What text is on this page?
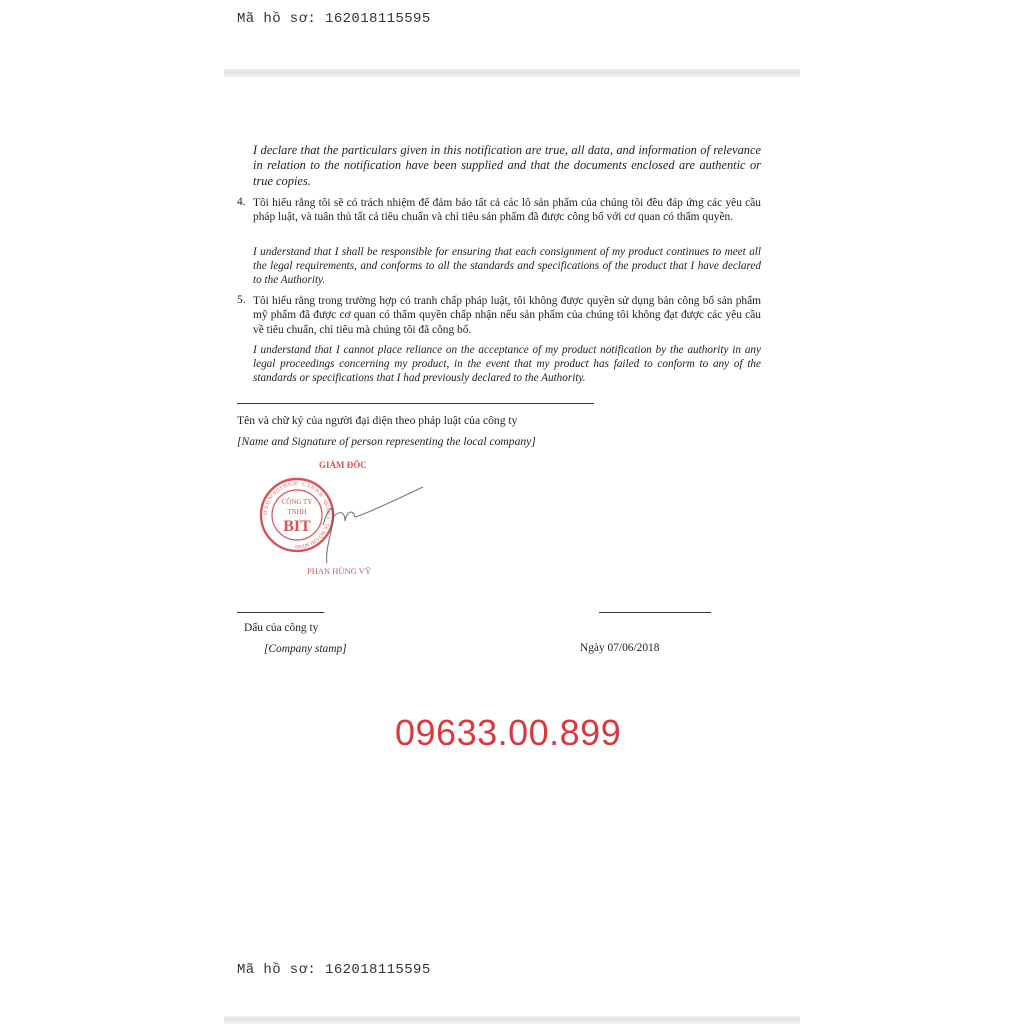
Mã hồ sơ: 162018115595
I declare that the particulars given in this notification are true, all data, and information of relevance in relation to the notification have been supplied and that the documents enclosed are authentic or true copies.
4. Tôi hiểu rằng tôi sẽ có trách nhiệm để đảm bảo tất cả các lô sản phẩm của chúng tôi đều đáp ứng các yêu cầu pháp luật, và tuân thủ tất cả tiêu chuẩn và chỉ tiêu sản phẩm đã được công bố với cơ quan có thẩm quyền.
I understand that I shall be responsible for ensuring that each consignment of my product continues to meet all the legal requirements, and conforms to all the standards and specifications of the product that I have declared to the Authority.
5. Tôi hiểu rằng trong trường hợp có tranh chấp pháp luật, tôi không được quyền sử dụng bản công bố sản phẩm mỹ phẩm đã được cơ quan có thẩm quyền chấp nhận nếu sản phẩm của chúng tôi không đạt được các yêu cầu về tiêu chuẩn, chỉ tiêu mà chúng tôi đã công bố.
I understand that I cannot place reliance on the acceptance of my product notification by the authority in any legal proceedings concerning my product, in the event that my product has failed to conform to any of the standards or specifications that I had previously declared to the Authority.
Tên và chữ ký của người đại diện theo pháp luật của công ty
[Name and Signature of person representing the local company]
GIÁM ĐỐC
M.S.D.N: 0313393530 · C.T.N.H.H · QUẬN 3 · TP. HỒ CHÍ MINH
CÔNG TY
TNHH
BIT
PHAN HÙNG VỸ
Dấu của công ty
[Company stamp]	Ngày 07/06/2018
09633.00.899
Mã hồ sơ: 162018115595
